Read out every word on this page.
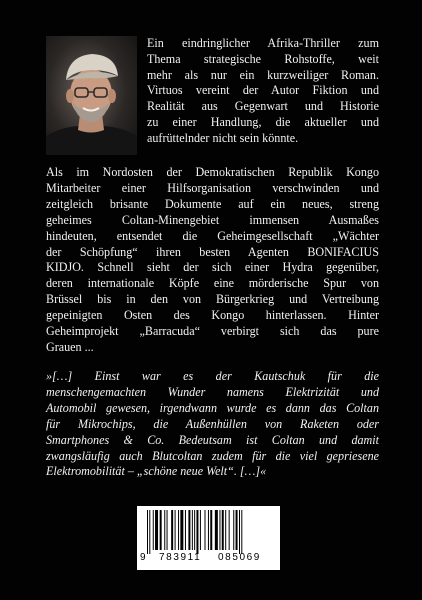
Ein eindringlicher Afrika-Thriller zum
Thema strategische Rohstoffe, weit
mehr als nur ein kurzweiliger Roman.
Virtuos vereint der Autor Fiktion und
Realität aus Gegenwart und Historie
zu einer Handlung, die aktueller und
aufrüttelnder nicht sein könnte.

Als im Nordosten der Demokratischen Republik Kongo
Mitarbeiter einer Hilfsorganisation verschwinden und
zeitgleich brisante Dokumente auf ein neues, streng
geheimes Coltan-Minengebiet immensen Ausmaßes
hindeuten, entsendet die Geheimgesellschaft „Wächter
der Schöpfung“ ihren besten Agenten BONIFACIUS
KIDJO. Schnell sieht der sich einer Hydra gegenüber,
deren internationale Köpfe eine mörderische Spur von
Brüssel bis in den von Bürgerkrieg und Vertreibung
gepeinigten Osten des Kongo hinterlassen. Hinter
Geheimprojekt „Barracuda“ verbirgt sich das pure
Grauen ...

»[…] Einst war es der Kautschuk für die
menschengemachten Wunder namens Elektrizität und
Automobil gewesen, irgendwann wurde es dann das Coltan
für Mikrochips, die Außenhüllen von Raketen oder
Smartphones & Co. Bedeutsam ist Coltan und damit
zwangsläufig auch Blutcoltan zudem für die viel gepriesene
Elektromobilität – „schöne neue Welt“. […]«

9 783911 085069
